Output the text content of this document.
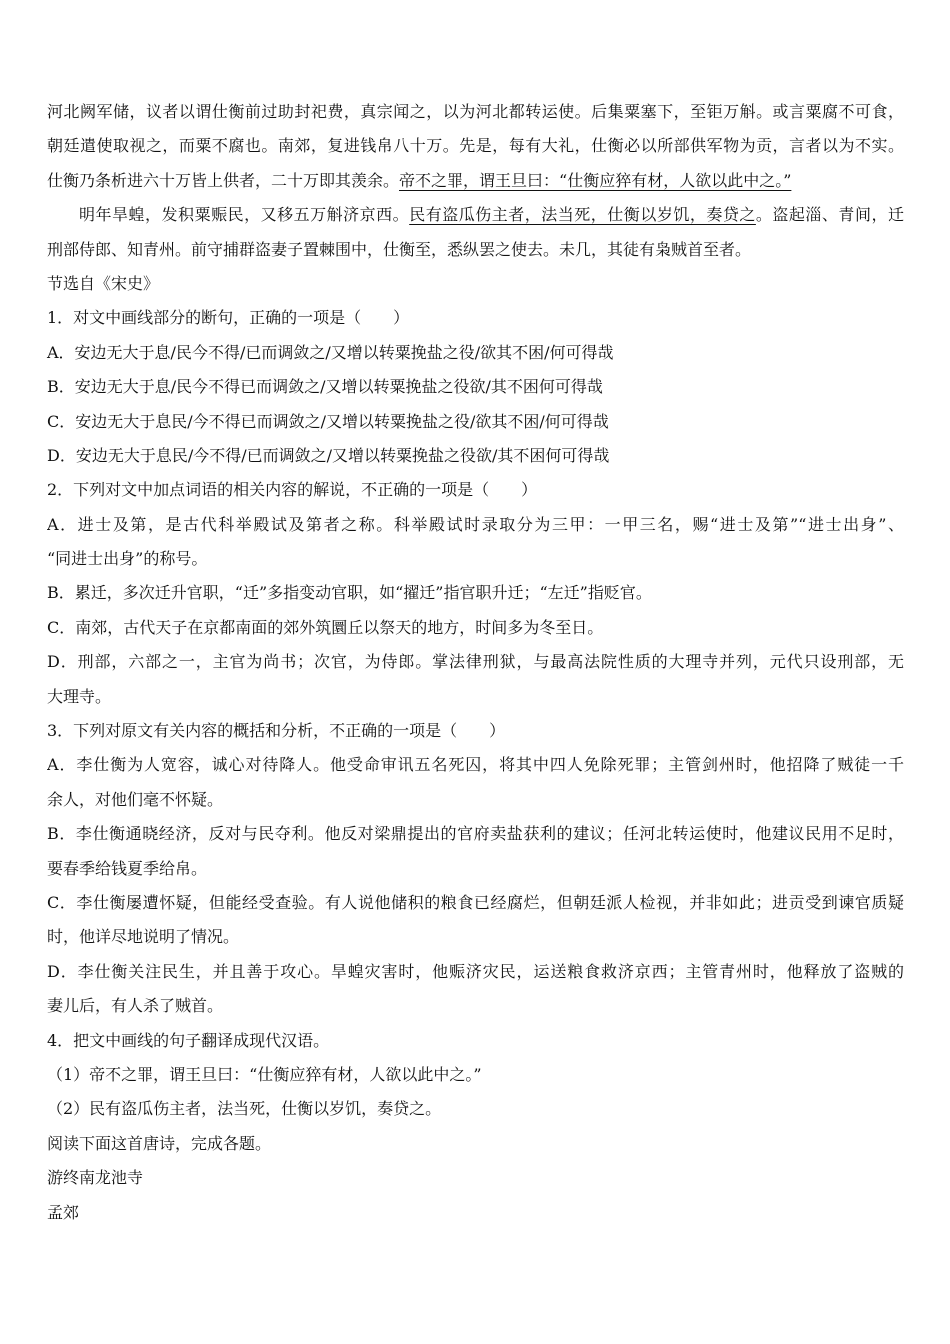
河北阙军储，议者以谓仕衡前过助封祀费，真宗闻之，以为河北都转运使。后集粟塞下，至钜万斛。或言粟腐不可食，
朝廷遣使取视之，而粟不腐也。南郊，复进钱帛八十万。先是，每有大礼，仕衡必以所部供军物为贡，言者以为不实。
仕衡乃条析进六十万皆上供者，二十万即其羡余。帝不之罪，谓王旦曰：“仕衡应猝有材，人欲以此中之。”
明年旱蝗，发积粟赈民，又移五万斛济京西。民有盗瓜伤主者，法当死，仕衡以岁饥，奏贷之。盗起淄、青间，迁
刑部侍郎、知青州。前守捕群盗妻子置棘围中，仕衡至，悉纵罢之使去。未几，其徒有枭贼首至者。
节选自《宋史》
1．对文中画线部分的断句，正确的一项是（　　）
A．安边无大于息/民今不得/已而调敛之/又增以转粟挽盐之役/欲其不困/何可得哉
B．安边无大于息/民今不得已而调敛之/又增以转粟挽盐之役欲/其不困何可得哉
C．安边无大于息民/今不得已而调敛之/又增以转粟挽盐之役/欲其不困/何可得哉
D．安边无大于息民/今不得/已而调敛之/又增以转粟挽盐之役欲/其不困何可得哉
2．下列对文中加点词语的相关内容的解说，不正确的一项是（　　）
A．进士及第，是古代科举殿试及第者之称。科举殿试时录取分为三甲：一甲三名，赐“进士及第”“进士出身”、
“同进士出身”的称号。
B．累迁，多次迁升官职，“迁”多指变动官职，如“擢迁”指官职升迁；“左迁”指贬官。
C．南郊，古代天子在京都南面的郊外筑圜丘以祭天的地方，时间多为冬至日。
D．刑部，六部之一，主官为尚书；次官，为侍郎。掌法律刑狱，与最高法院性质的大理寺并列，元代只设刑部，无
大理寺。
3．下列对原文有关内容的概括和分析，不正确的一项是（　　）
A．李仕衡为人宽容，诚心对待降人。他受命审讯五名死囚，将其中四人免除死罪；主管剑州时，他招降了贼徒一千
余人，对他们毫不怀疑。
B．李仕衡通晓经济，反对与民夺利。他反对梁鼎提出的官府卖盐获利的建议；任河北转运使时，他建议民用不足时，
要春季给钱夏季给帛。
C．李仕衡屡遭怀疑，但能经受查验。有人说他储积的粮食已经腐烂，但朝廷派人检视，并非如此；进贡受到谏官质疑
时，他详尽地说明了情况。
D．李仕衡关注民生，并且善于攻心。旱蝗灾害时，他赈济灾民，运送粮食救济京西；主管青州时，他释放了盗贼的
妻儿后，有人杀了贼首。
4．把文中画线的句子翻译成现代汉语。
（1）帝不之罪，谓王旦曰：“仕衡应猝有材，人欲以此中之。”
（2）民有盗瓜伤主者，法当死，仕衡以岁饥，奏贷之。
阅读下面这首唐诗，完成各题。
游终南龙池寺
孟郊
